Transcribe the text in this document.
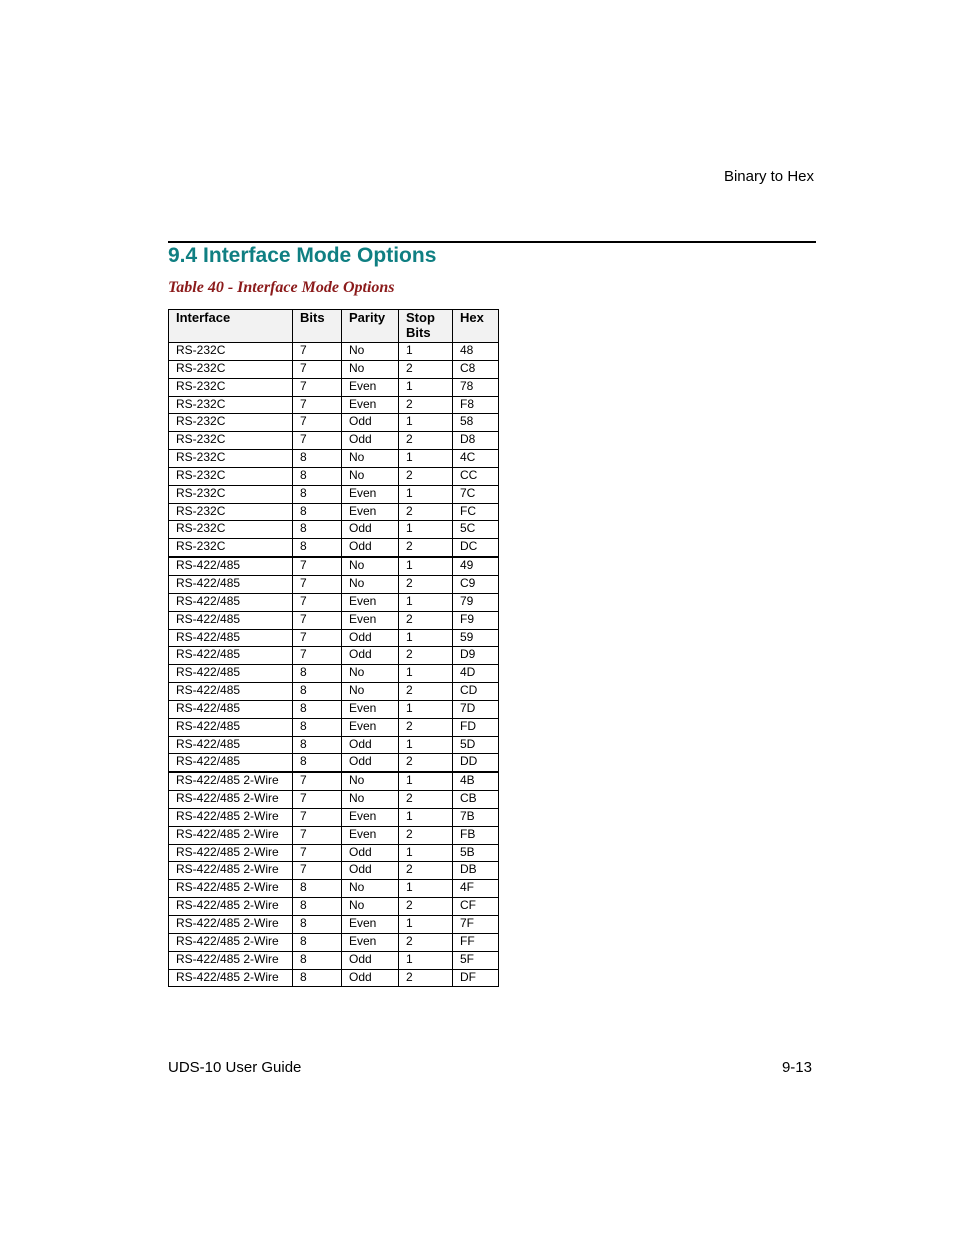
Binary to Hex
9.4 Interface Mode Options

Table 40 - Interface Mode Options

Interface	Bits	Parity	Stop Bits	Hex
RS-232C	7	No	1	48
RS-232C	7	No	2	C8
RS-232C	7	Even	1	78
RS-232C	7	Even	2	F8
RS-232C	7	Odd	1	58
RS-232C	7	Odd	2	D8
RS-232C	8	No	1	4C
RS-232C	8	No	2	CC
RS-232C	8	Even	1	7C
RS-232C	8	Even	2	FC
RS-232C	8	Odd	1	5C
RS-232C	8	Odd	2	DC
RS-422/485	7	No	1	49
RS-422/485	7	No	2	C9
RS-422/485	7	Even	1	79
RS-422/485	7	Even	2	F9
RS-422/485	7	Odd	1	59
RS-422/485	7	Odd	2	D9
RS-422/485	8	No	1	4D
RS-422/485	8	No	2	CD
RS-422/485	8	Even	1	7D
RS-422/485	8	Even	2	FD
RS-422/485	8	Odd	1	5D
RS-422/485	8	Odd	2	DD
RS-422/485 2-Wire	7	No	1	4B
RS-422/485 2-Wire	7	No	2	CB
RS-422/485 2-Wire	7	Even	1	7B
RS-422/485 2-Wire	7	Even	2	FB
RS-422/485 2-Wire	7	Odd	1	5B
RS-422/485 2-Wire	7	Odd	2	DB
RS-422/485 2-Wire	8	No	1	4F
RS-422/485 2-Wire	8	No	2	CF
RS-422/485 2-Wire	8	Even	1	7F
RS-422/485 2-Wire	8	Even	2	FF
RS-422/485 2-Wire	8	Odd	1	5F
RS-422/485 2-Wire	8	Odd	2	DF
UDS-10 User Guide	9-13
